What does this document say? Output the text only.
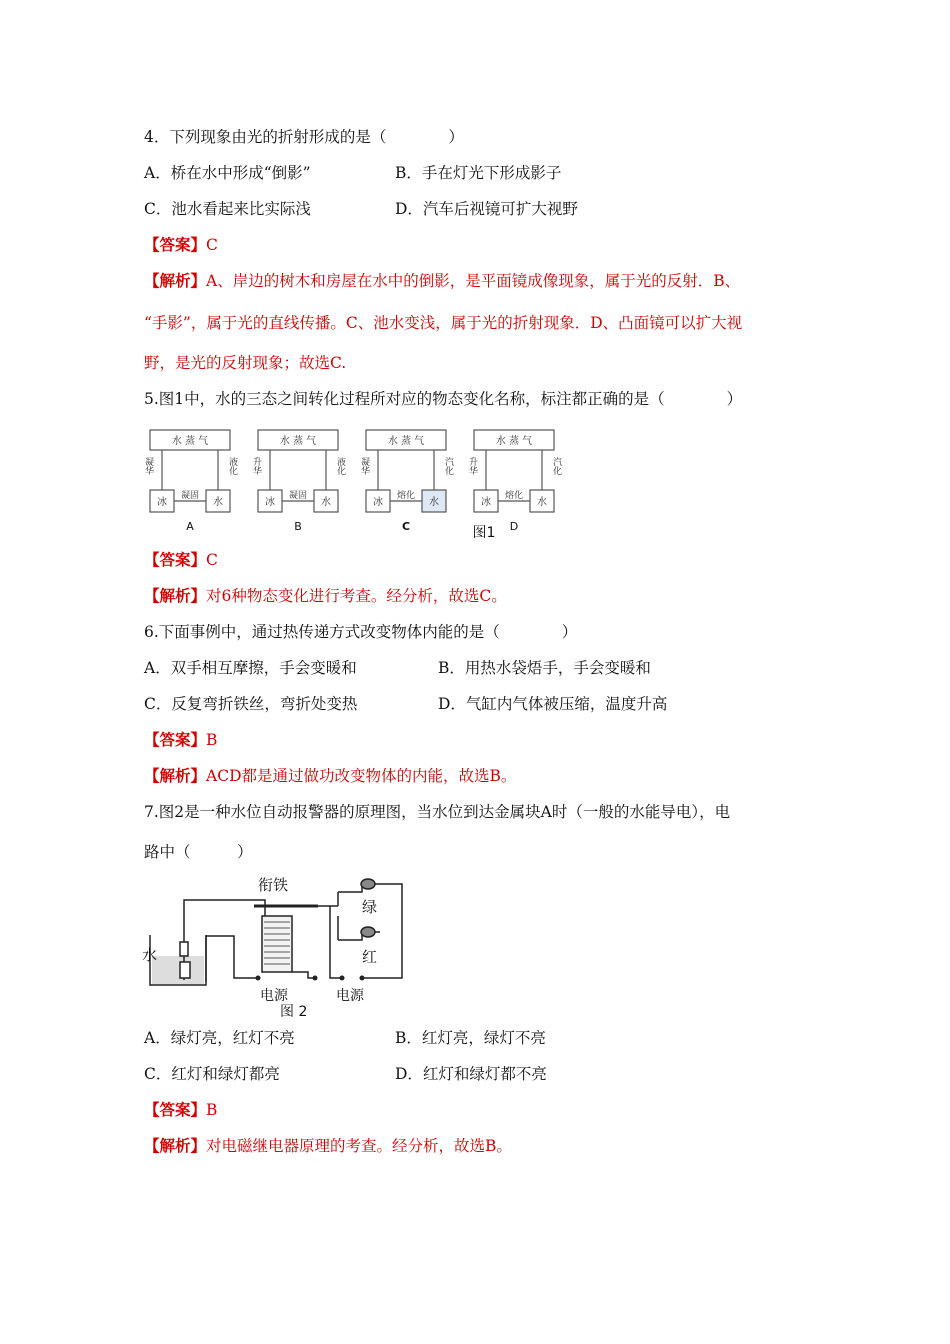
4．下列现象由光的折射形成的是（　　　　）
A．桥在水中形成“倒影”	B．手在灯光下形成影子
C．池水看起来比实际浅	D．汽车后视镜可扩大视野
【答案】C
【解析】A、岸边的树木和房屋在水中的倒影，是平面镜成像现象，属于光的反射．B、
“手影”，属于光的直线传播。C、池水变浅，属于光的折射现象．D、凸面镜可以扩大视
野，是光的反射现象；故选C.
5.图1中，水的三态之间转化过程所对应的物态变化名称，标注都正确的是（　　　　）
水 蒸 气
冰	水
凝华	液化
凝固
A
水 蒸 气
冰	水
升华	液化
凝固
B
水 蒸 气
冰	水
凝华	汽化
熔化
C
水 蒸 气
冰	水
升华	汽化
熔化
D
图1
【答案】C
【解析】对6种物态变化进行考查。经分析，故选C。
6.下面事例中，通过热传递方式改变物体内能的是（　　　　）
A．双手相互摩擦，手会变暖和	B．用热水袋焐手，手会变暖和
C．反复弯折铁丝，弯折处变热	D．气缸内气体被压缩，温度升高
【答案】B
【解析】ACD都是通过做功改变物体的内能，故选B。
7.图2是一种水位自动报警器的原理图，当水位到达金属块A时（一般的水能导电），电
路中（　　　）
衔铁
水
绿
红
电源	电源
图 2
A．绿灯亮，红灯不亮	B．红灯亮，绿灯不亮
C．红灯和绿灯都亮	D．红灯和绿灯都不亮
【答案】B
【解析】对电磁继电器原理的考查。经分析，故选B。
